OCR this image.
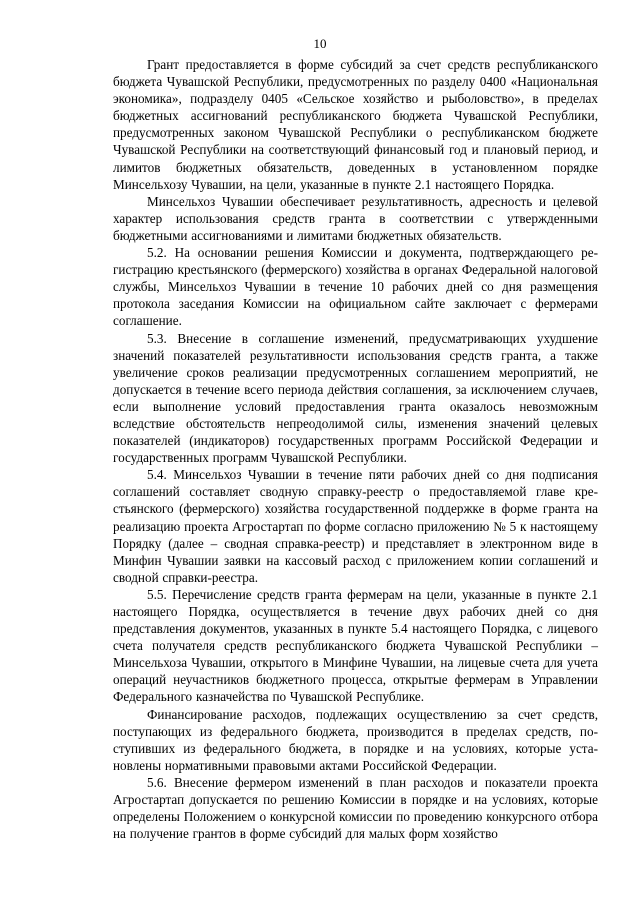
10

Грант предоставляется в форме субсидий за счет средств республиканского бюджета Чувашской Республики, предусмотренных по разделу 0400 «Национальная экономика», подразделу 0405 «Сельское хозяйство и рыболовство», в пределах бюджетных ассигнований республиканского бюджета Чувашской Республики, предусмотренных законом Чувашской Республики о республиканском бюджете Чувашской Республики на соответствующий финансовый год и плановый период, и лимитов бюджетных обязательств, доведенных в установленном порядке Минсельхозу Чувашии, на цели, указанные в пункте 2.1 настоящего Порядка.

Минсельхоз Чувашии обеспечивает результативность, адресность и целевой характер использования средств гранта в соответствии с утвержденными бюджетными ассигнованиями и лимитами бюджетных обязательств.

5.2. На основании решения Комиссии и документа, подтверждающего регистрацию крестьянского (фермерского) хозяйства в органах Федеральной налоговой службы, Минсельхоз Чувашии в течение 10 рабочих дней со дня размещения протокола заседания Комиссии на официальном сайте заключает с фермерами соглашение.

5.3. Внесение в соглашение изменений, предусматривающих ухудшение значений показателей результативности использования средств гранта, а также увеличение сроков реализации предусмотренных соглашением мероприятий, не допускается в течение всего периода действия соглашения, за исключением случаев, если выполнение условий предоставления гранта оказалось невозможным вследствие обстоятельств непреодолимой силы, изменения значений целевых показателей (индикаторов) государственных программ Российской Федерации и государственных программ Чувашской Республики.

5.4. Минсельхоз Чувашии в течение пяти рабочих дней со дня подписания соглашений составляет сводную справку-реестр о предоставляемой главе крестьянского (фермерского) хозяйства государственной поддержке в форме гранта на реализацию проекта Агростартап по форме согласно приложению № 5 к настоящему Порядку (далее – сводная справка-реестр) и представляет в электронном виде в Минфин Чувашии заявки на кассовый расход с приложением копии соглашений и сводной справки-реестра.

5.5. Перечисление средств гранта фермерам на цели, указанные в пункте 2.1 настоящего Порядка, осуществляется в течение двух рабочих дней со дня представления документов, указанных в пункте 5.4 настоящего Порядка, с лицевого счета получателя средств республиканского бюджета Чувашской Республики – Минсельхоза Чувашии, открытого в Минфине Чувашии, на лицевые счета для учета операций неучастников бюджетного процесса, открытые фермерам в Управлении Федерального казначейства по Чувашской Республике.

Финансирование расходов, подлежащих осуществлению за счет средств, поступающих из федерального бюджета, производится в пределах средств, поступивших из федерального бюджета, в порядке и на условиях, которые установлены нормативными правовыми актами Российской Федерации.

5.6. Внесение фермером изменений в план расходов и показатели проекта Агростартап допускается по решению Комиссии в порядке и на условиях, которые определены Положением о конкурсной комиссии по проведению конкурсного отбора на получение грантов в форме субсидий для малых форм хозяйство
